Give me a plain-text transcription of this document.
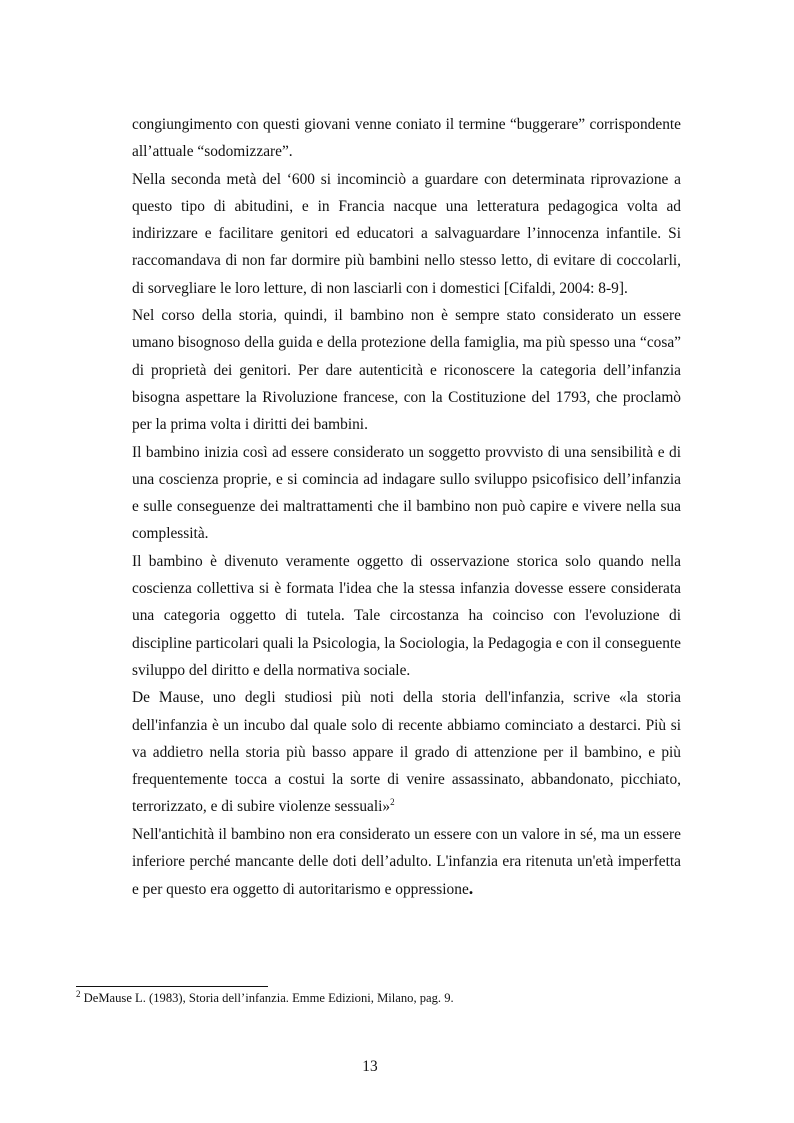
congiungimento con questi giovani venne coniato il termine “buggerare” corrispondente all’attuale “sodomizzare”.

Nella seconda metà del ‘600 si incominciò a guardare con determinata riprovazione a questo tipo di abitudini, e in Francia nacque una letteratura pedagogica volta ad indirizzare e facilitare genitori ed educatori a salvaguardare l’innocenza infantile. Si raccomandava di non far dormire più bambini nello stesso letto, di evitare di coccolarli, di sorvegliare le loro letture, di non lasciarli con i domestici [Cifaldi, 2004: 8-9].

Nel corso della storia, quindi, il bambino non è sempre stato considerato un essere umano bisognoso della guida e della protezione della famiglia, ma più spesso una “cosa” di proprietà dei genitori. Per dare autenticità e riconoscere la categoria dell’infanzia bisogna aspettare la Rivoluzione francese, con la Costituzione del 1793, che proclamò per la prima volta i diritti dei bambini.

Il bambino inizia così ad essere considerato un soggetto provvisto di una sensibilità e di una coscienza proprie, e si comincia ad indagare sullo sviluppo psicofisico dell’infanzia e sulle conseguenze dei maltrattamenti che il bambino non può capire e vivere nella sua complessità.

Il bambino è divenuto veramente oggetto di osservazione storica solo quando nella coscienza collettiva si è formata l'idea che la stessa infanzia dovesse essere considerata una categoria oggetto di tutela. Tale circostanza ha coinciso con l'evoluzione di discipline particolari quali la Psicologia, la Sociologia, la Pedagogia e con il conseguente sviluppo del diritto e della normativa sociale.

De Mause, uno degli studiosi più noti della storia dell'infanzia, scrive «la storia dell'infanzia è un incubo dal quale solo di recente abbiamo cominciato a destarci. Più si va addietro nella storia più basso appare il grado di attenzione per il bambino, e più frequentemente tocca a costui la sorte di venire assassinato, abbandonato, picchiato, terrorizzato, e di subire violenze sessuali»$^2$

Nell'antichità il bambino non era considerato un essere con un valore in sé, ma un essere inferiore perché mancante delle doti dell’adulto. L'infanzia era ritenuta un'età imperfetta e per questo era oggetto di autoritarismo e oppressione.

$^2$ DeMause L. (1983), Storia dell’infanzia. Emme Edizioni, Milano, pag. 9.

13
